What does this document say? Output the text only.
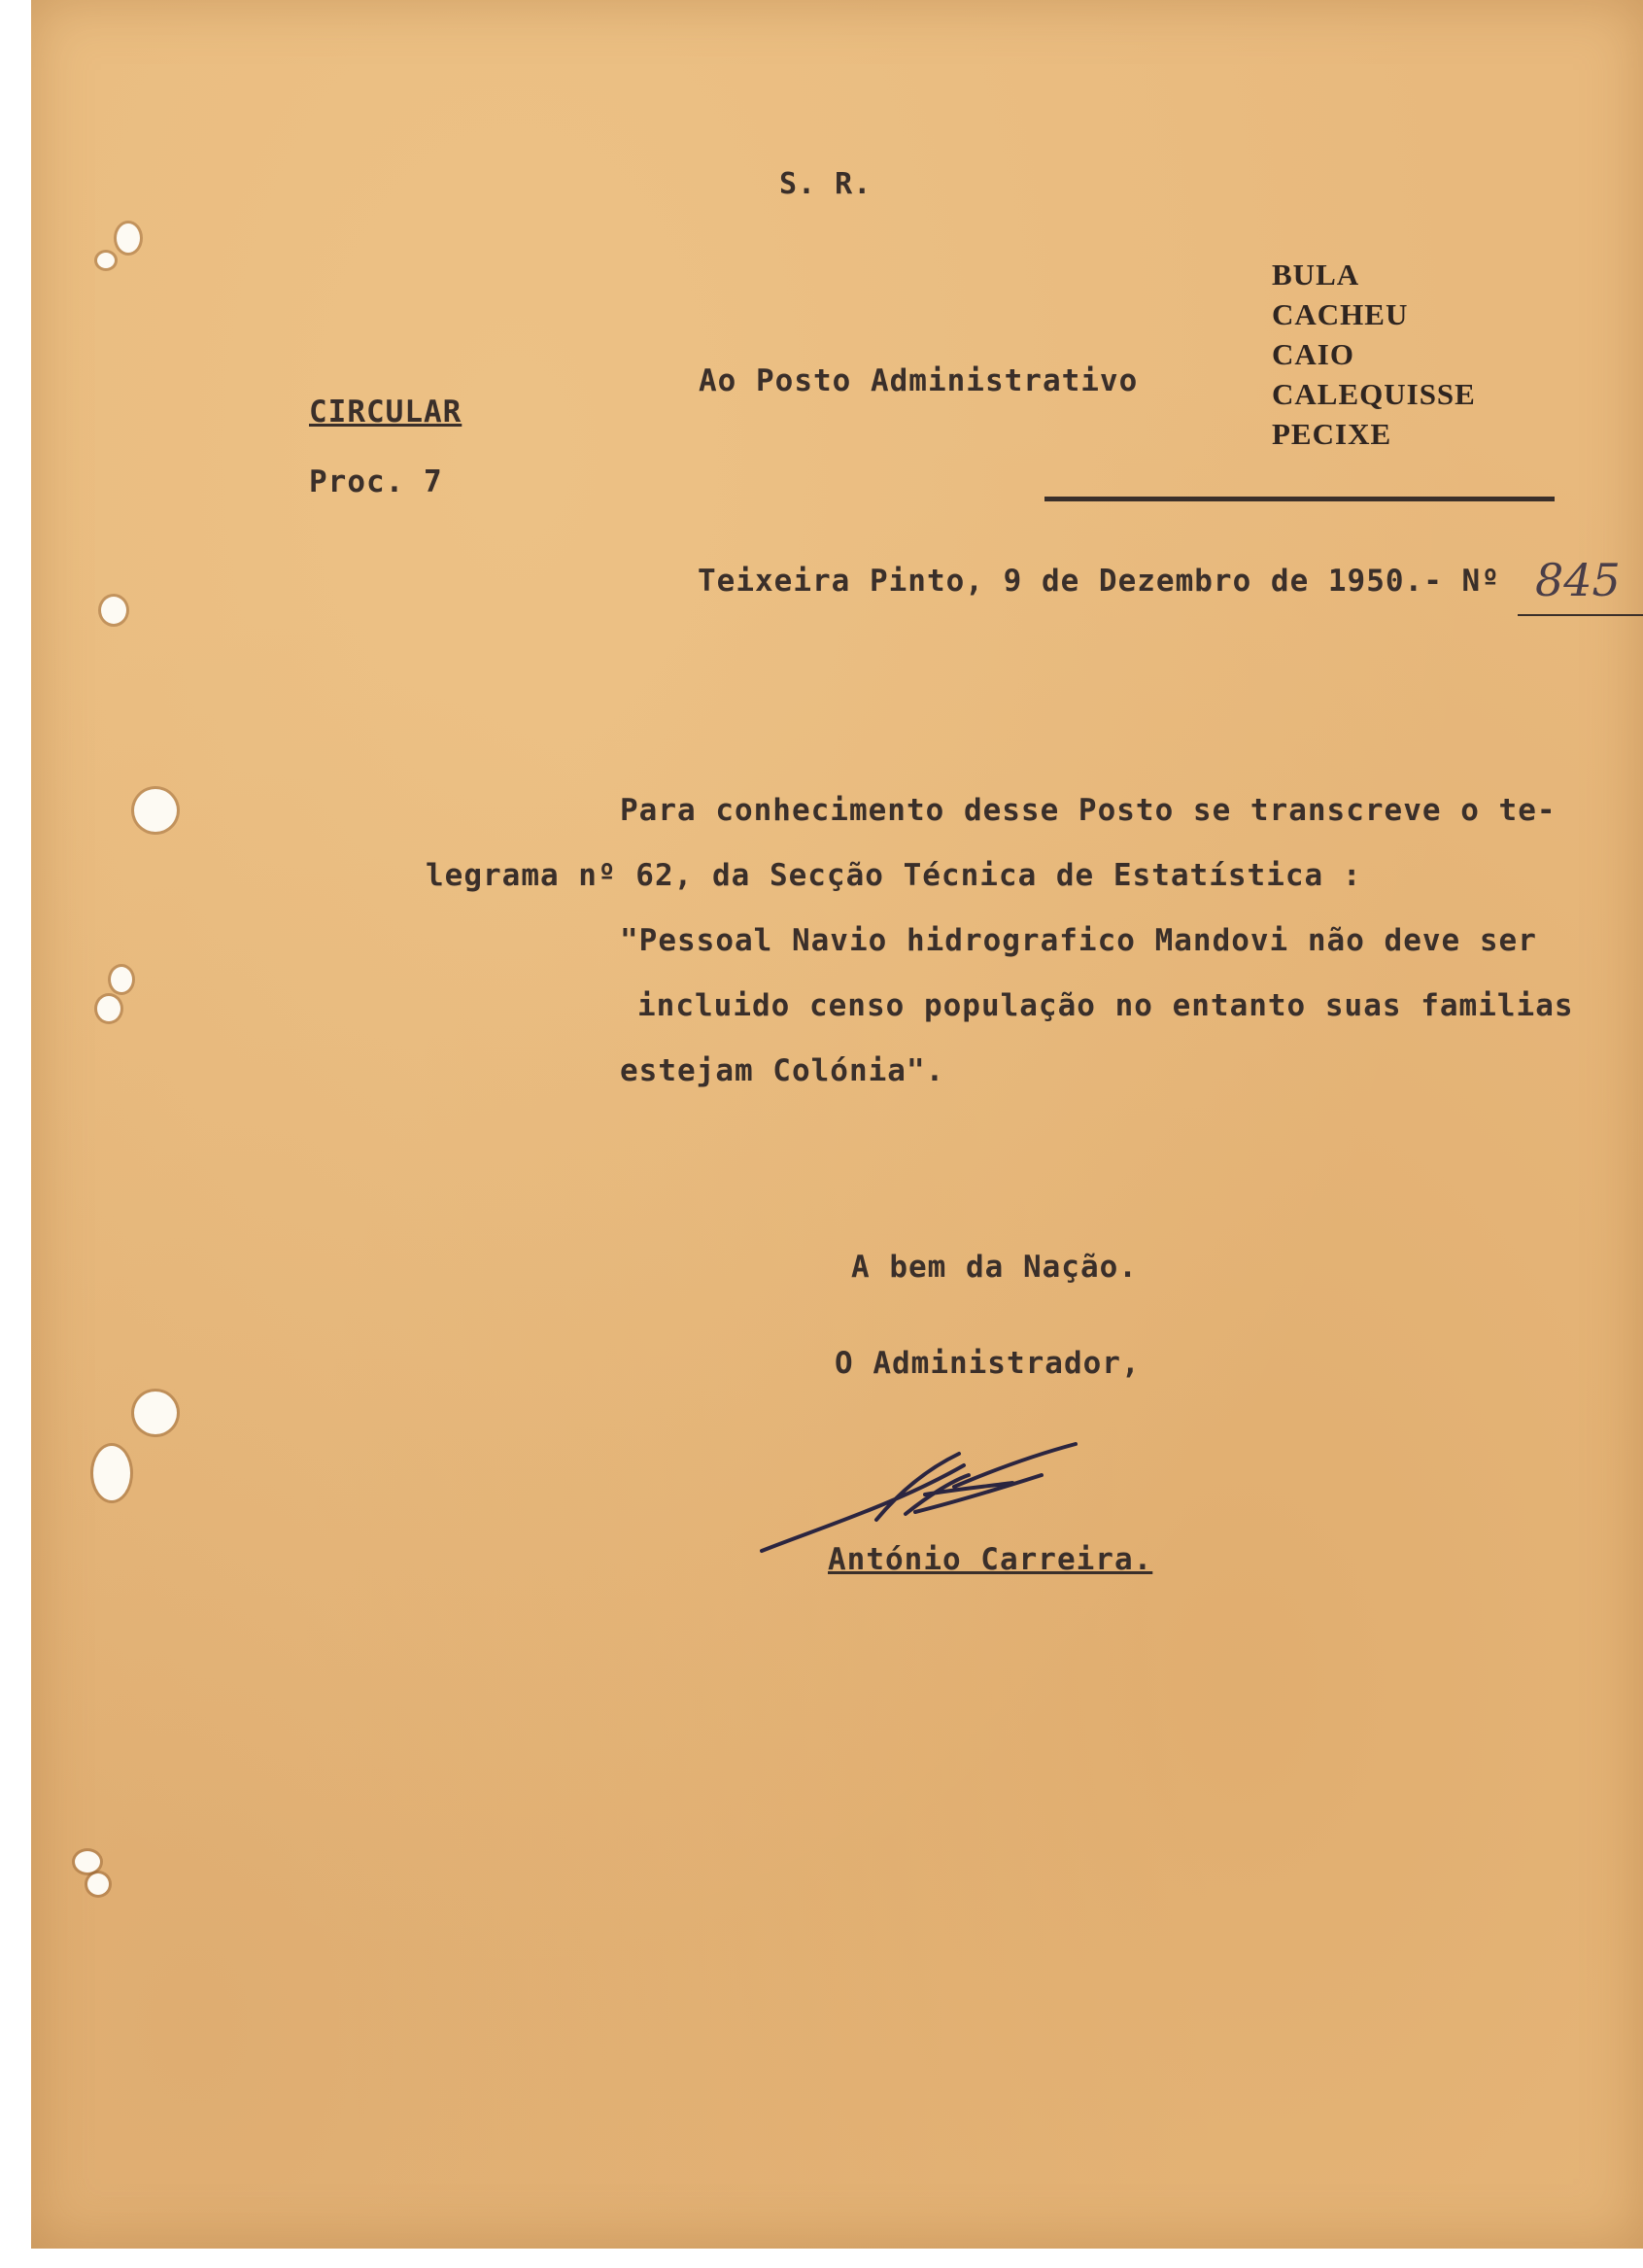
S. R.
Ao Posto Administrativo
BULA
CACHEU
CAIO
CALEQUISSE
PECIXE
CIRCULAR
Proc. 7
Teixeira Pinto, 9 de Dezembro de 1950.- Nº 845
Para conhecimento desse Posto se transcreve o te-
legrama nº 62, da Secção Técnica de Estatística :
"Pessoal Navio hidrografico Mandovi não deve ser
incluido censo população no entanto suas familias
estejam Colónia".
A bem da Nação.
O Administrador,
António Carreira.
